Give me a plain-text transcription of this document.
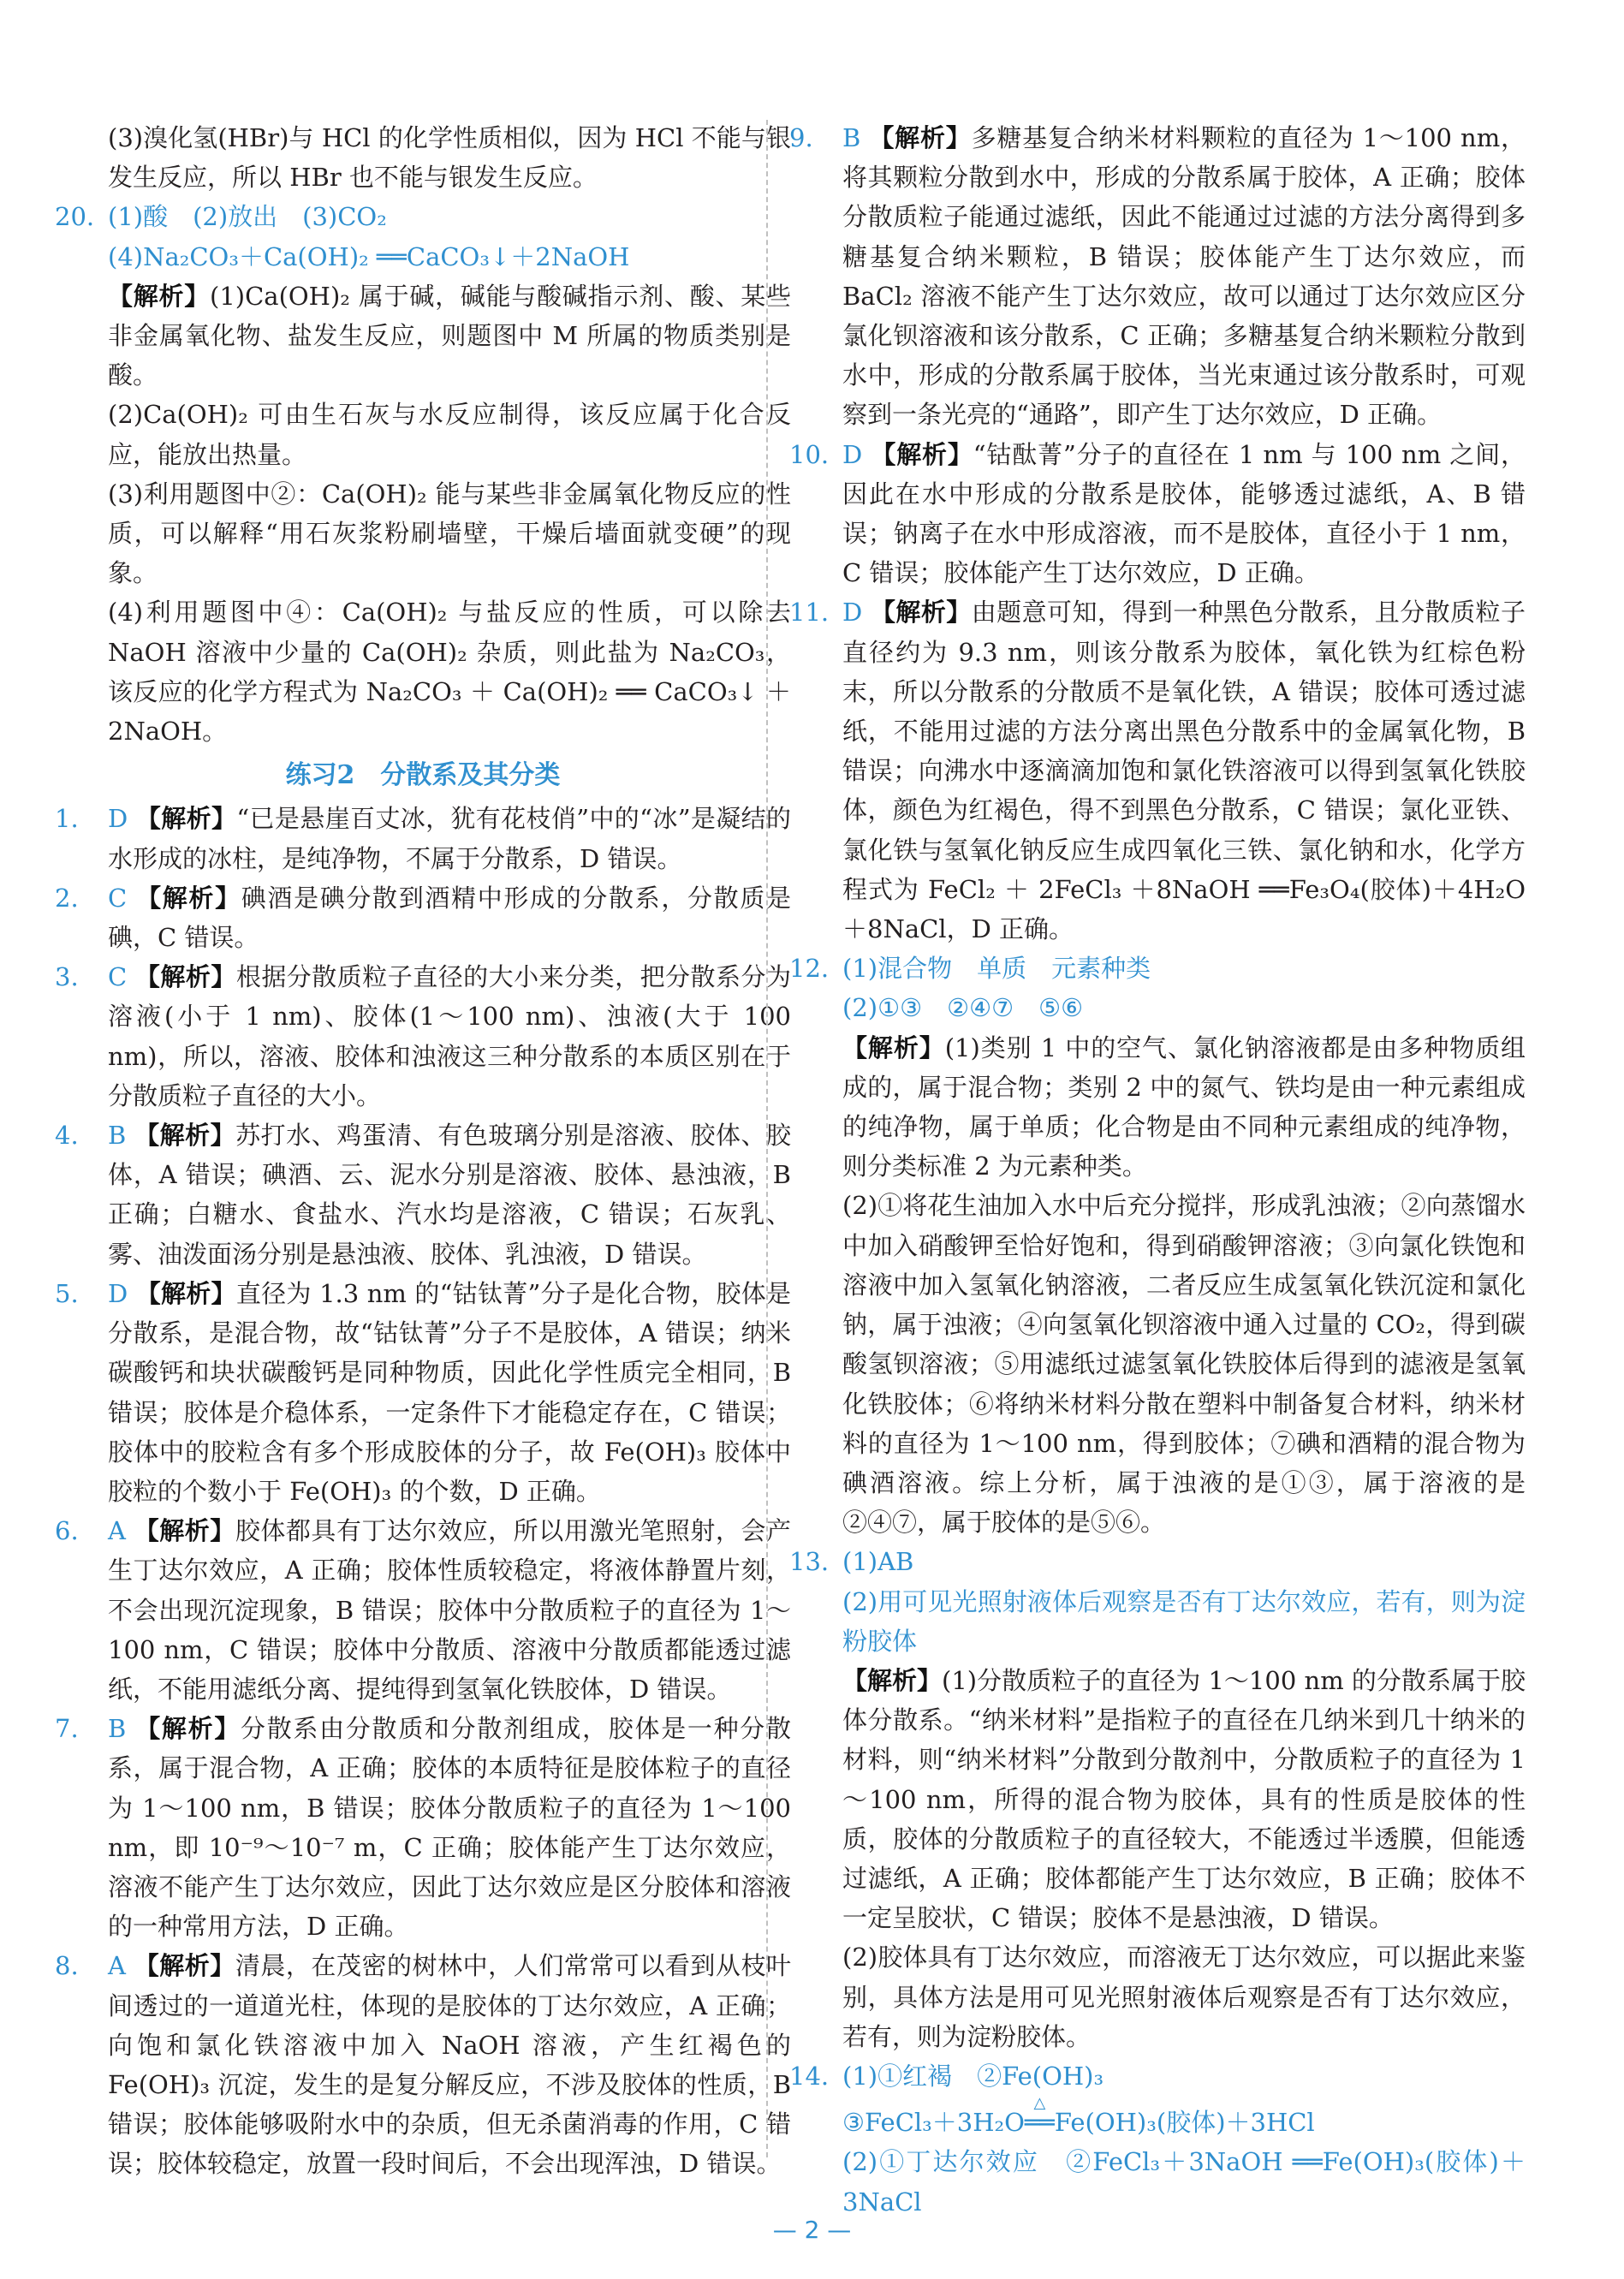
(3)溴化氢(HBr)与 HCl 的化学性质相似，因为 HCl 不能与银发生反应，所以 HBr 也不能与银发生反应。

20. (1)酸　(2)放出　(3)CO₂

(4)Na₂CO₃＋Ca(OH)₂ ══CaCO₃↓＋2NaOH

【解析】(1)Ca(OH)₂ 属于碱，碱能与酸碱指示剂、酸、某些非金属氧化物、盐发生反应，则题图中 M 所属的物质类别是酸。

(2)Ca(OH)₂ 可由生石灰与水反应制得，该反应属于化合反应，能放出热量。

(3)利用题图中②：Ca(OH)₂ 能与某些非金属氧化物反应的性质，可以解释“用石灰浆粉刷墙壁，干燥后墙面就变硬”的现象。

(4)利用题图中④：Ca(OH)₂ 与盐反应的性质，可以除去 NaOH 溶液中少量的 Ca(OH)₂ 杂质，则此盐为 Na₂CO₃，该反应的化学方程式为 Na₂CO₃ ＋ Ca(OH)₂ ══ CaCO₃↓ ＋ 2NaOH。

练习2　分散系及其分类

1. D 【解析】“已是悬崖百丈冰，犹有花枝俏”中的“冰”是凝结的水形成的冰柱，是纯净物，不属于分散系，D 错误。

2. C 【解析】碘酒是碘分散到酒精中形成的分散系，分散质是碘，C 错误。

3. C 【解析】根据分散质粒子直径的大小来分类，把分散系分为溶液(小于 1 nm)、胶体(1～100 nm)、浊液(大于 100 nm)，所以，溶液、胶体和浊液这三种分散系的本质区别在于分散质粒子直径的大小。

4. B 【解析】苏打水、鸡蛋清、有色玻璃分别是溶液、胶体、胶体，A 错误；碘酒、云、泥水分别是溶液、胶体、悬浊液，B 正确；白糖水、食盐水、汽水均是溶液，C 错误；石灰乳、雾、油泼面汤分别是悬浊液、胶体、乳浊液，D 错误。

5. D 【解析】直径为 1.3 nm 的“钴钛菁”分子是化合物，胶体是分散系，是混合物，故“钴钛菁”分子不是胶体，A 错误；纳米碳酸钙和块状碳酸钙是同种物质，因此化学性质完全相同，B 错误；胶体是介稳体系，一定条件下才能稳定存在，C 错误；胶体中的胶粒含有多个形成胶体的分子，故 Fe(OH)₃ 胶体中胶粒的个数小于 Fe(OH)₃ 的个数，D 正确。

6. A 【解析】胶体都具有丁达尔效应，所以用激光笔照射，会产生丁达尔效应，A 正确；胶体性质较稳定，将液体静置片刻，不会出现沉淀现象，B 错误；胶体中分散质粒子的直径为 1～100 nm，C 错误；胶体中分散质、溶液中分散质都能透过滤纸，不能用滤纸分离、提纯得到氢氧化铁胶体，D 错误。

7. B 【解析】分散系由分散质和分散剂组成，胶体是一种分散系，属于混合物，A 正确；胶体的本质特征是胶体粒子的直径为 1～100 nm，B 错误；胶体分散质粒子的直径为 1～100 nm，即 10⁻⁹～10⁻⁷ m，C 正确；胶体能产生丁达尔效应，溶液不能产生丁达尔效应，因此丁达尔效应是区分胶体和溶液的一种常用方法，D 正确。

8. A 【解析】清晨，在茂密的树林中，人们常常可以看到从枝叶间透过的一道道光柱，体现的是胶体的丁达尔效应，A 正确；向饱和氯化铁溶液中加入 NaOH 溶液，产生红褐色的 Fe(OH)₃ 沉淀，发生的是复分解反应，不涉及胶体的性质，B 错误；胶体能够吸附水中的杂质，但无杀菌消毒的作用，C 错误；胶体较稳定，放置一段时间后，不会出现浑浊，D 错误。

9. B 【解析】多糖基复合纳米材料颗粒的直径为 1～100 nm，将其颗粒分散到水中，形成的分散系属于胶体，A 正确；胶体分散质粒子能通过滤纸，因此不能通过过滤的方法分离得到多糖基复合纳米颗粒，B 错误；胶体能产生丁达尔效应，而 BaCl₂ 溶液不能产生丁达尔效应，故可以通过丁达尔效应区分氯化钡溶液和该分散系，C 正确；多糖基复合纳米颗粒分散到水中，形成的分散系属于胶体，当光束通过该分散系时，可观察到一条光亮的“通路”，即产生丁达尔效应，D 正确。

10. D 【解析】“钴酞菁”分子的直径在 1 nm 与 100 nm 之间，因此在水中形成的分散系是胶体，能够透过滤纸，A、B 错误；钠离子在水中形成溶液，而不是胶体，直径小于 1 nm，C 错误；胶体能产生丁达尔效应，D 正确。

11. D 【解析】由题意可知，得到一种黑色分散系，且分散质粒子直径约为 9.3 nm，则该分散系为胶体，氧化铁为红棕色粉末，所以分散系的分散质不是氧化铁，A 错误；胶体可透过滤纸，不能用过滤的方法分离出黑色分散系中的金属氧化物，B 错误；向沸水中逐滴滴加饱和氯化铁溶液可以得到氢氧化铁胶体，颜色为红褐色，得不到黑色分散系，C 错误；氯化亚铁、氯化铁与氢氧化钠反应生成四氧化三铁、氯化钠和水，化学方程式为 FeCl₂ ＋ 2FeCl₃ ＋8NaOH ══Fe₃O₄(胶体)＋4H₂O＋8NaCl，D 正确。

12. (1)混合物　单质　元素种类

(2)①③　②④⑦　⑤⑥

【解析】(1)类别 1 中的空气、氯化钠溶液都是由多种物质组成的，属于混合物；类别 2 中的氮气、铁均是由一种元素组成的纯净物，属于单质；化合物是由不同种元素组成的纯净物，则分类标准 2 为元素种类。

(2)①将花生油加入水中后充分搅拌，形成乳浊液；②向蒸馏水中加入硝酸钾至恰好饱和，得到硝酸钾溶液；③向氯化铁饱和溶液中加入氢氧化钠溶液，二者反应生成氢氧化铁沉淀和氯化钠，属于浊液；④向氢氧化钡溶液中通入过量的 CO₂，得到碳酸氢钡溶液；⑤用滤纸过滤氢氧化铁胶体后得到的滤液是氢氧化铁胶体；⑥将纳米材料分散在塑料中制备复合材料，纳米材料的直径为 1～100 nm，得到胶体；⑦碘和酒精的混合物为碘酒溶液。综上分析，属于浊液的是①③，属于溶液的是②④⑦，属于胶体的是⑤⑥。

13. (1)AB

(2)用可见光照射液体后观察是否有丁达尔效应，若有，则为淀粉胶体

【解析】(1)分散质粒子的直径为 1～100 nm 的分散系属于胶体分散系。“纳米材料”是指粒子的直径在几纳米到几十纳米的材料，则“纳米材料”分散到分散剂中，分散质粒子的直径为 1～100 nm，所得的混合物为胶体，具有的性质是胶体的性质，胶体的分散质粒子的直径较大，不能透过半透膜，但能透过滤纸，A 正确；胶体都能产生丁达尔效应，B 正确；胶体不一定呈胶状，C 错误；胶体不是悬浊液，D 错误。

(2)胶体具有丁达尔效应，而溶液无丁达尔效应，可以据此来鉴别，具体方法是用可见光照射液体后观察是否有丁达尔效应，若有，则为淀粉胶体。

14. (1)①红褐　②Fe(OH)₃

③FeCl₃＋3H₂O
△
══Fe(OH)₃(胶体)＋3HCl

(2)①丁达尔效应　②FeCl₃＋3NaOH ══Fe(OH)₃(胶体)＋3NaCl

— 2 —
